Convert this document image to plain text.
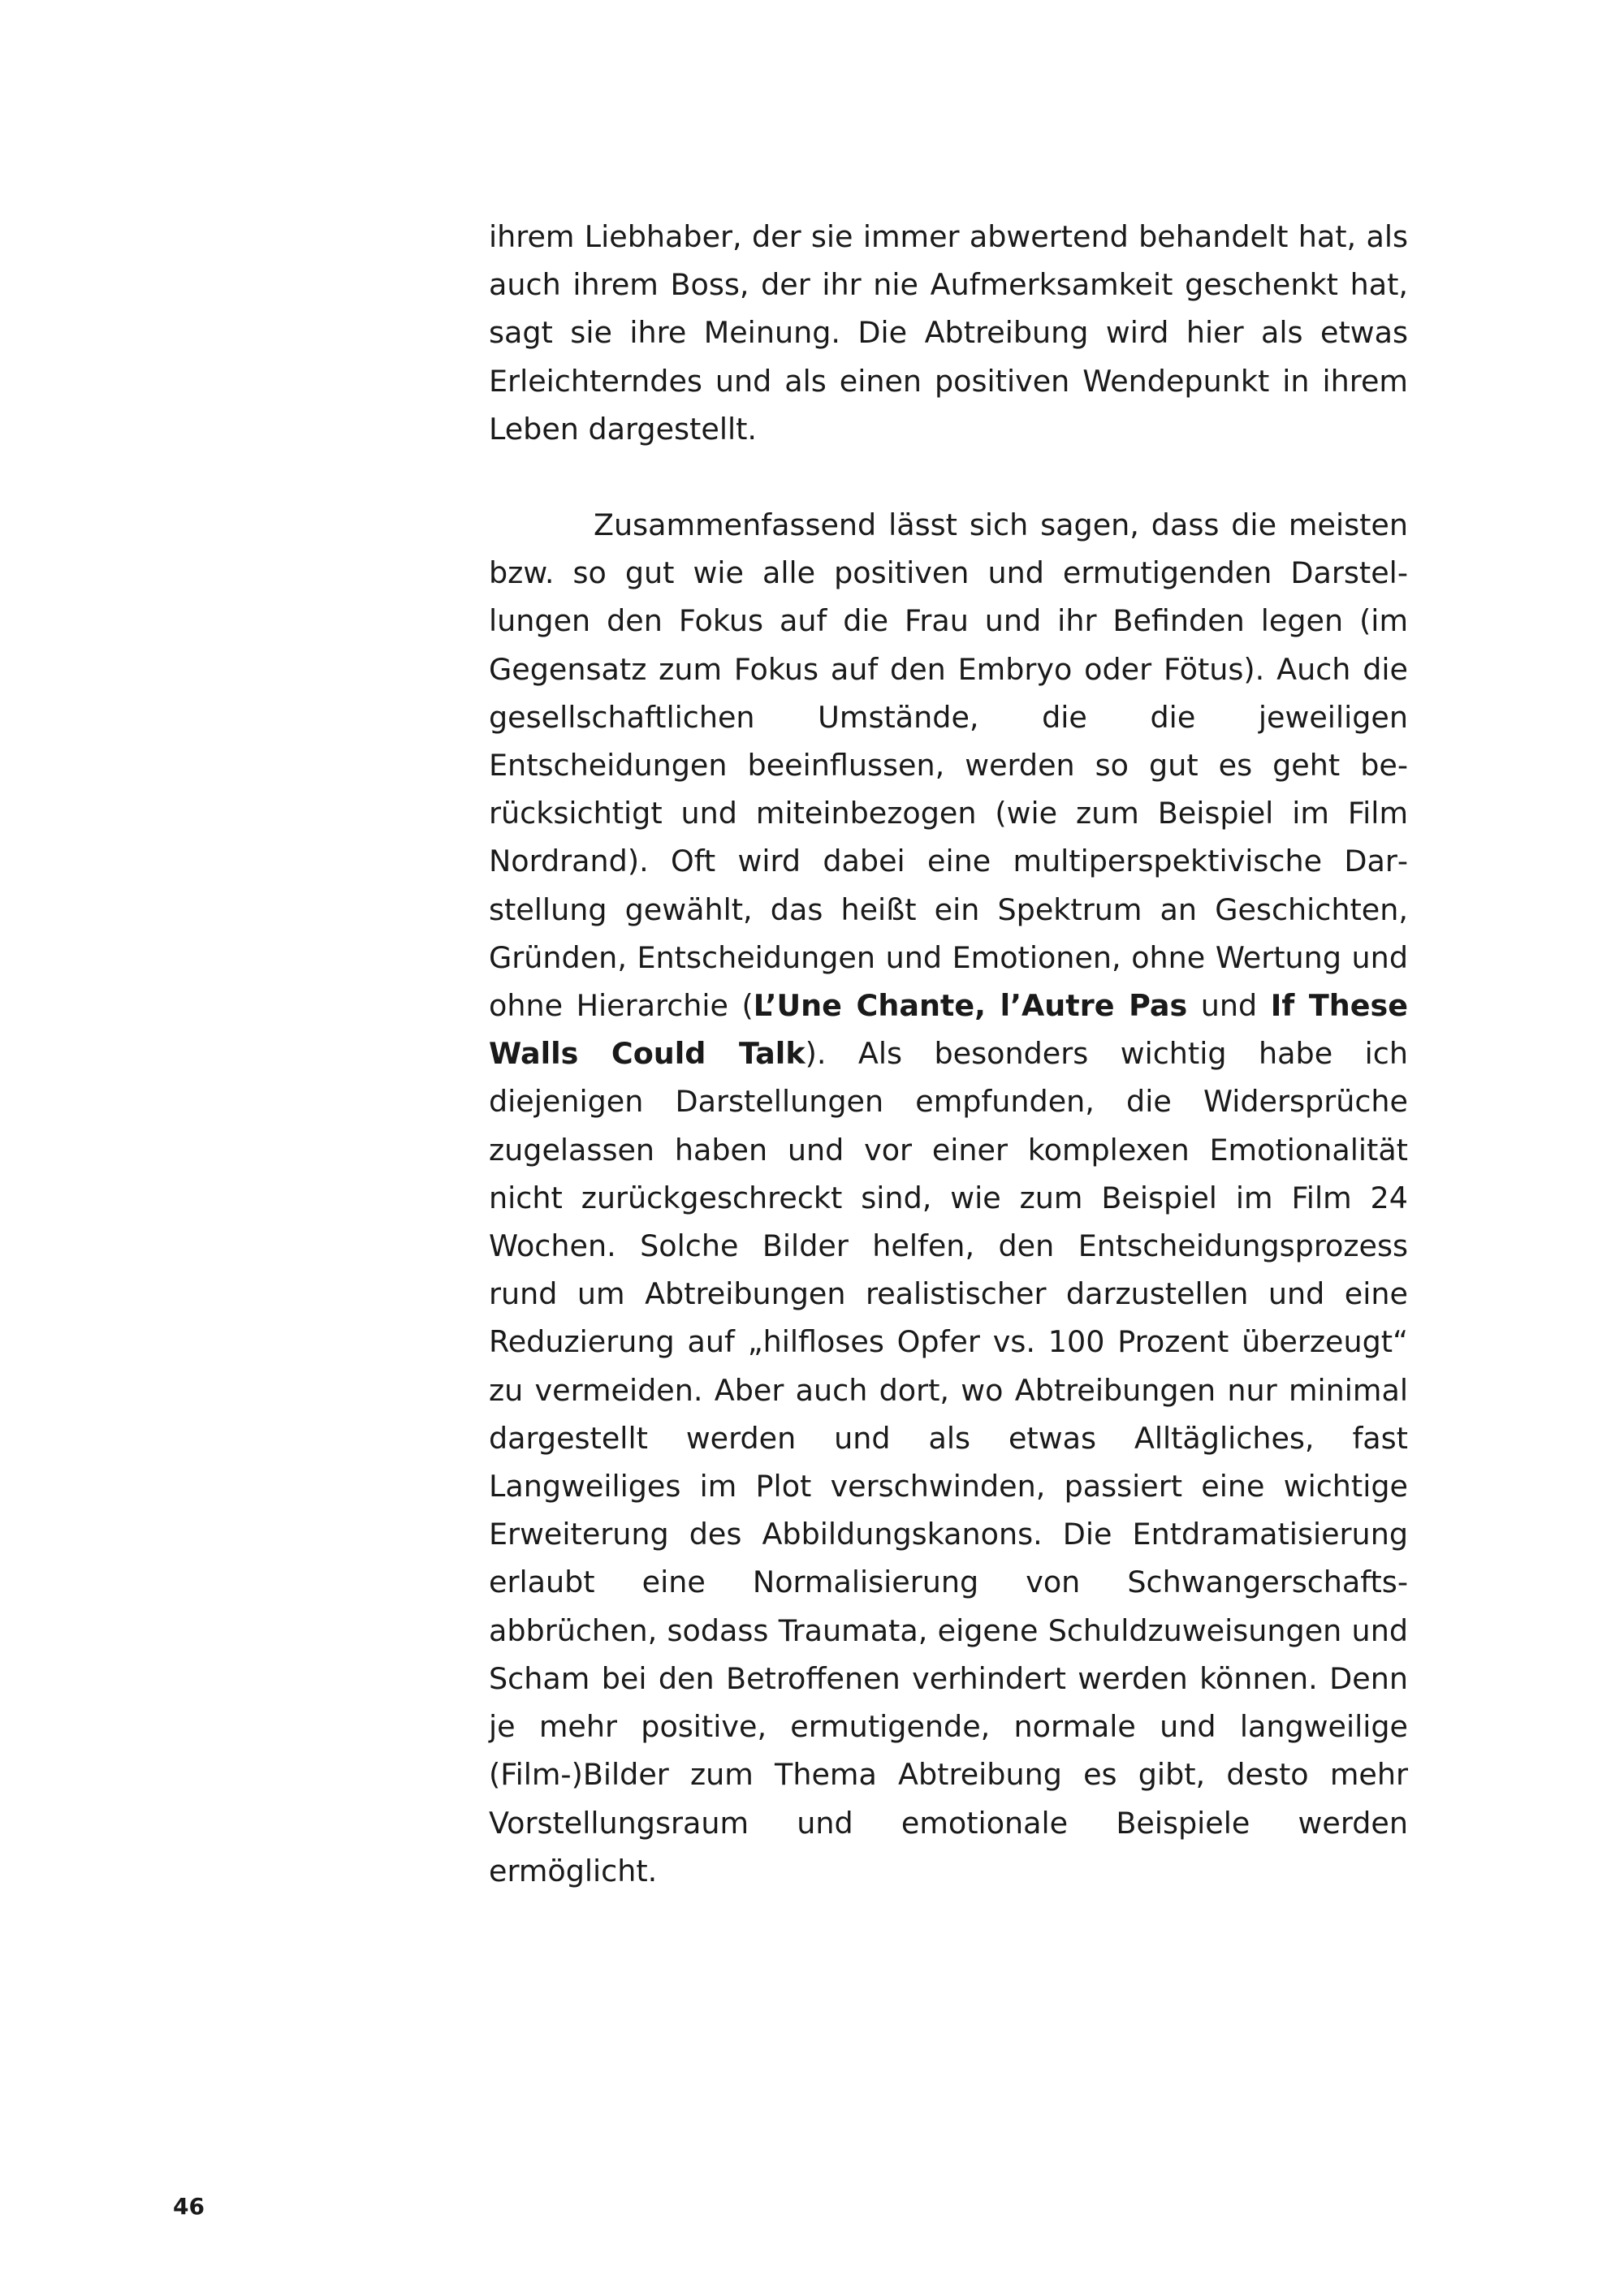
ihrem Liebhaber, der sie immer abwertend behandelt hat, als auch ihrem Boss, der ihr nie Aufmerksamkeit geschenkt hat, sagt sie ihre Meinung. Die Abtreibung wird hier als etwas Erleichterndes und als einen positiven Wendepunkt in ihrem Leben dargestellt.

Zusammenfassend lässt sich sagen, dass die meisten bzw. so gut wie alle positiven und ermutigenden Darstellungen den Fokus auf die Frau und ihr Befinden legen (im Gegensatz zum Fokus auf den Embryo oder Fötus). Auch die gesellschaftlichen Umstände, die die jeweiligen Entscheidungen beeinflussen, werden so gut es geht berücksichtigt und miteinbezogen (wie zum Beispiel im Film Nordrand). Oft wird dabei eine multiperspektivische Darstellung gewählt, das heißt ein Spektrum an Geschichten, Gründen, Entscheidungen und Emotionen, ohne Wertung und ohne Hierarchie (L’Une Chante, l’Autre Pas und If These Walls Could Talk). Als besonders wichtig habe ich diejenigen Darstellungen empfunden, die Widersprüche zugelassen haben und vor einer komplexen Emotionalität nicht zurückgeschreckt sind, wie zum Beispiel im Film 24 Wochen. Solche Bilder helfen, den Entscheidungsprozess rund um Abtreibungen realistischer darzustellen und eine Reduzierung auf „hilfloses Opfer vs. 100 Prozent überzeugt“ zu vermeiden. Aber auch dort, wo Abtreibungen nur minimal dargestellt werden und als etwas Alltägliches, fast Langweiliges im Plot verschwinden, passiert eine wichtige Erweiterung des Abbildungskanons. Die Entdramatisierung erlaubt eine Normalisierung von Schwangerschaftsabbrüchen, sodass Traumata, eigene Schuldzuweisungen und Scham bei den Betroffenen verhindert werden können. Denn je mehr positive, ermutigende, normale und langweilige (Film-)Bilder zum Thema Abtreibung es gibt, desto mehr Vorstellungsraum und emotionale Beispiele werden ermöglicht.

46
